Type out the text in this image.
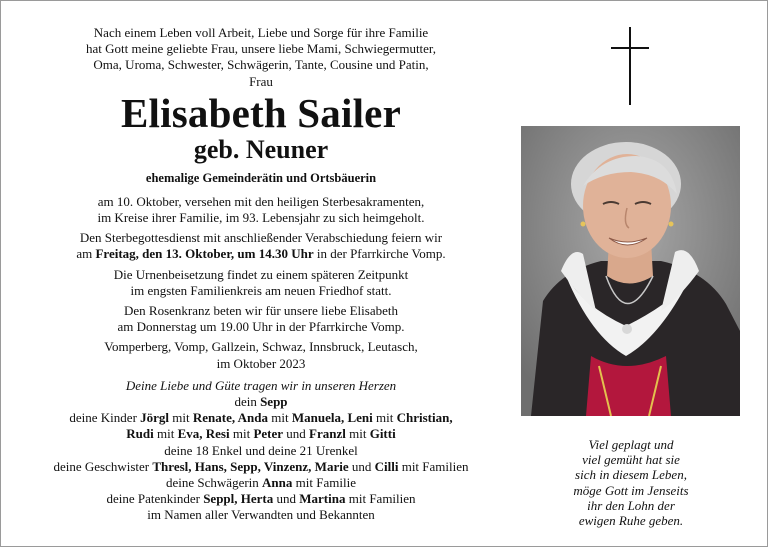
Nach einem Leben voll Arbeit, Liebe und Sorge für ihre Familie
hat Gott meine geliebte Frau, unsere liebe Mami, Schwiegermutter,
Oma, Uroma, Schwester, Schwägerin, Tante, Cousine und Patin,
Frau
Elisabeth Sailer
geb. Neuner
ehemalige Gemeinderätin und Ortsbäuerin
am 10. Oktober, versehen mit den heiligen Sterbesakramenten,
im Kreise ihrer Familie, im 93. Lebensjahr zu sich heimgeholt.
Den Sterbegottesdienst mit anschließender Verabschiedung feiern wir
am Freitag, den 13. Oktober, um 14.30 Uhr in der Pfarrkirche Vomp.
Die Urnenbeisetzung findet zu einem späteren Zeitpunkt
im engsten Familienkreis am neuen Friedhof statt.
Den Rosenkranz beten wir für unsere liebe Elisabeth
am Donnerstag um 19.00 Uhr in der Pfarrkirche Vomp.
Vomperberg, Vomp, Gallzein, Schwaz, Innsbruck, Leutasch,
im Oktober 2023
Deine Liebe und Güte tragen wir in unseren Herzen
dein Sepp
deine Kinder Jörgl mit Renate, Anda mit Manuela, Leni mit Christian,
Rudi mit Eva, Resi mit Peter und Franzl mit Gitti
deine 18 Enkel und deine 21 Urenkel
deine Geschwister Thresl, Hans, Sepp, Vinzenz, Marie und Cilli mit Familien
deine Schwägerin Anna mit Familie
deine Patenkinder Seppl, Herta und Martina mit Familien
im Namen aller Verwandten und Bekannten
Viel geplagt und
viel gemüht hat sie
sich in diesem Leben,
möge Gott im Jenseits
ihr den Lohn der
ewigen Ruhe geben.
